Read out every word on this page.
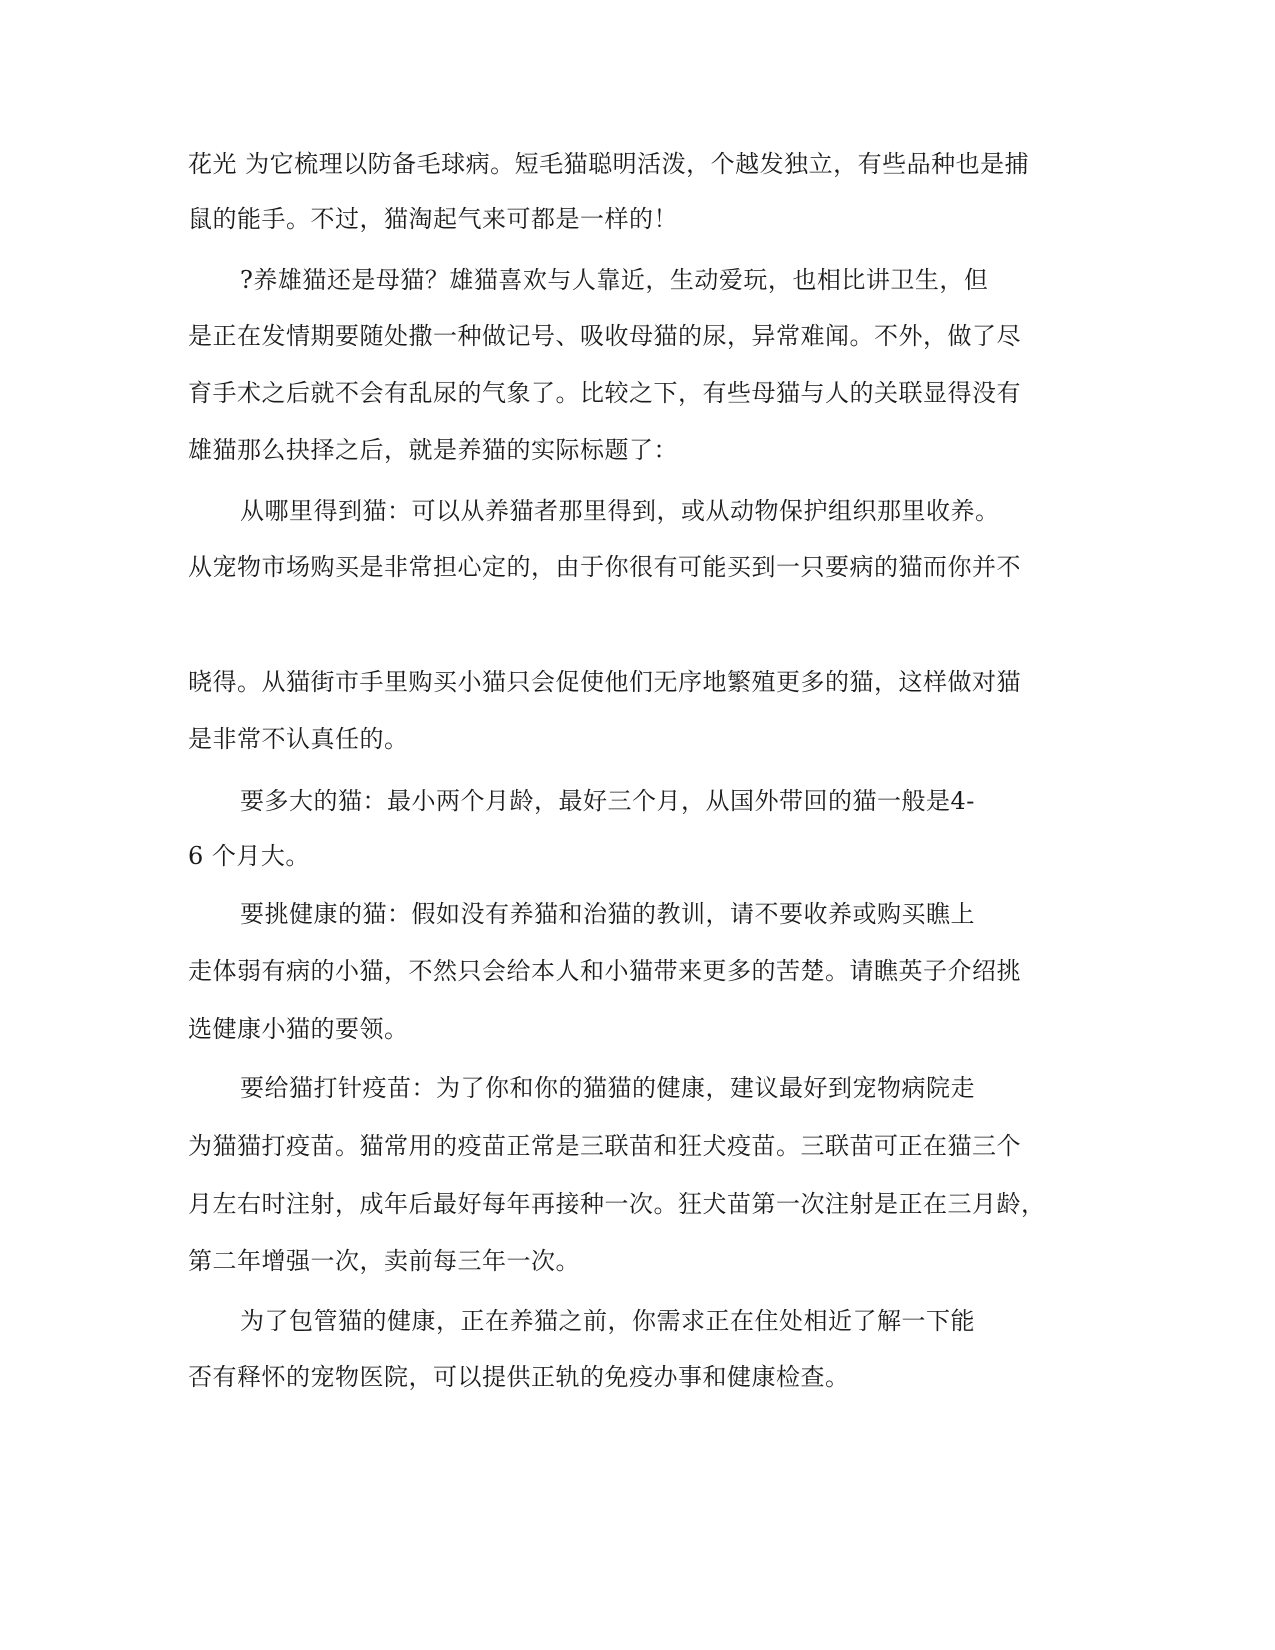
花光 为它梳理以防备毛球病。短毛猫聪明活泼，个越发独立，有些品种也是捕
鼠的能手。不过，猫淘起气来可都是一样的！
?养雄猫还是母猫？雄猫喜欢与人靠近，生动爱玩，也相比讲卫生，但
是正在发情期要随处撒一种做记号、吸收母猫的尿，异常难闻。不外，做了尽
育手术之后就不会有乱尿的气象了。比较之下，有些母猫与人的关联显得没有
雄猫那么抉择之后，就是养猫的实际标题了：
从哪里得到猫：可以从养猫者那里得到，或从动物保护组织那里收养。
从宠物市场购买是非常担心定的，由于你很有可能买到一只要病的猫而你并不
晓得。从猫街市手里购买小猫只会促使他们无序地繁殖更多的猫，这样做对猫
是非常不认真任的。
要多大的猫：最小两个月龄，最好三个月，从国外带回的猫一般是4-
6 个月大。
要挑健康的猫：假如没有养猫和治猫的教训，请不要收养或购买瞧上
走体弱有病的小猫，不然只会给本人和小猫带来更多的苦楚。请瞧英子介绍挑
选健康小猫的要领。
要给猫打针疫苗：为了你和你的猫猫的健康，建议最好到宠物病院走
为猫猫打疫苗。猫常用的疫苗正常是三联苗和狂犬疫苗。三联苗可正在猫三个
月左右时注射，成年后最好每年再接种一次。狂犬苗第一次注射是正在三月龄，
第二年增强一次，卖前每三年一次。
为了包管猫的健康，正在养猫之前，你需求正在住处相近了解一下能
否有释怀的宠物医院，可以提供正轨的免疫办事和健康检查。
